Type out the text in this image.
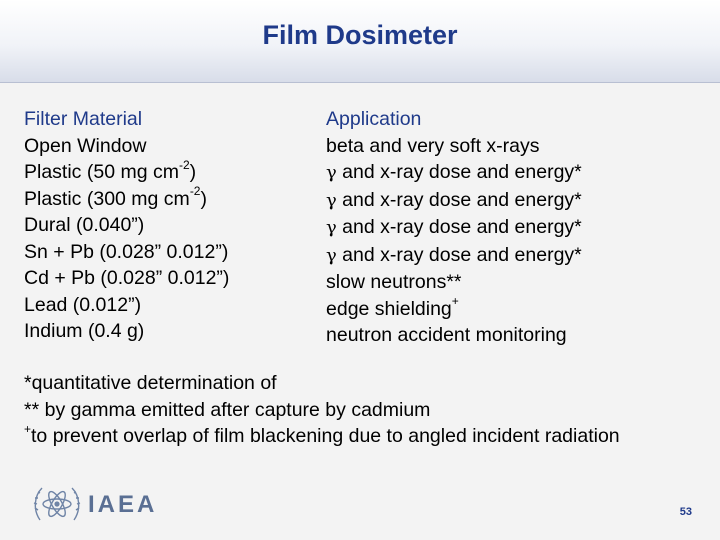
Film Dosimeter
Filter Material
Open Window
Plastic (50 mg $cm^{-2}$)
Plastic (300 mg $cm^{-2}$)
Dural (0.040”)
Sn + Pb (0.028” 0.012”)
Cd + Pb (0.028” 0.012”)
Lead (0.012”)
Indium (0.4 g)
Application
beta and very soft x-rays
γ and x-ray dose and energy*
γ and x-ray dose and energy*
γ and x-ray dose and energy*
γ and x-ray dose and energy*
slow neutrons**
edge shielding+
neutron accident monitoring
*quantitative determination of
** by gamma emitted after capture by cadmium
+to prevent overlap of film blackening due to angled incident radiation
IAEA	53
